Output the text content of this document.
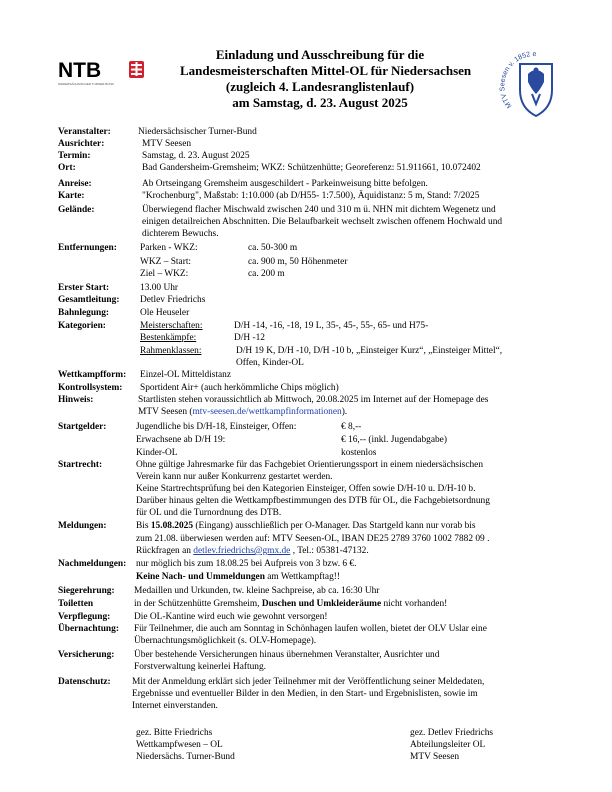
NTB
NIEDERSÄCHSISCHER TURNER-BUND
Einladung und Ausschreibung für die
Landesmeisterschaften Mittel-OL für Niedersachsen
(zugleich 4. Landesranglistenlauf)
am Samstag, d. 23. August 2025	MTV Seesen v. 1852 e
Veranstalter:	Niedersächsischer Turner-Bund
Ausrichter:	MTV Seesen
Termin:	Samstag, d. 23. August 2025
Ort:	Bad Gandersheim-Gremsheim; WKZ: Schützenhütte; Georeferenz: 51.911661, 10.072402
Anreise:	Ab Ortseingang Gremsheim ausgeschildert - Parkeinweisung bitte befolgen.
Karte:	"Krochenburg", Maßstab: 1:10.000 (ab D/H55- 1:7.500), Äquidistanz: 5 m, Stand: 7/2025
Gelände:	Überwiegend flacher Mischwald zwischen 240 und 310 m ü. NHN mit dichtem Wegenetz und
einigen detailreichen Abschnitten. Die Belaufbarkeit wechselt zwischen offenem Hochwald und
dichterem Bewuchs.
Entfernungen: Parken - WKZ:	ca. 50-300 m
WKZ – Start:	ca. 900 m, 50 Höhenmeter
Ziel – WKZ:	ca. 200 m
Erster Start:	13.00 Uhr
Gesamtleitung: Detlev Friedrichs
Bahnlegung:	Ole Heuseler
Kategorien:	Meisterschaften:	D/H -14, -16, -18, 19 L, 35-, 45-, 55-, 65- und H75-
Bestenkämpfe:	D/H -12
Rahmenklassen:	D/H 19 K, D/H -10, D/H -10 b, „Einsteiger Kurz“, „Einsteiger Mittel“,
Offen, Kinder-OL
Wettkampfform: Einzel-OL Mitteldistanz
Kontrollsystem: Sportident Air+ (auch herkömmliche Chips möglich)
Hinweis:	Startlisten stehen voraussichtlich ab Mittwoch, 20.08.2025 im Internet auf der Homepage des
MTV Seesen (mtv-seesen.de/wettkampfinformationen).
Startgelder:	Jugendliche bis D/H-18, Einsteiger, Offen:	€ 8,--
Erwachsene ab D/H 19:	€ 16,-- (inkl. Jugendabgabe)
Kinder-OL	kostenlos
Startrecht:	Ohne gültige Jahresmarke für das Fachgebiet Orientierungssport in einem niedersächsischen
Verein kann nur außer Konkurrenz gestartet werden.
Keine Startrechtsprüfung bei den Kategorien Einsteiger, Offen sowie D/H-10 u. D/H-10 b.
Darüber hinaus gelten die Wettkampfbestimmungen des DTB für OL, die Fachgebietsordnung
für OL und die Turnordnung des DTB.
Meldungen:	Bis 15.08.2025 (Eingang) ausschließlich per O-Manager. Das Startgeld kann nur vorab bis
zum 21.08. überwiesen werden auf: MTV Seesen-OL, IBAN DE25 2789 3760 1002 7882 09 .
Rückfragen an detlev.friedrichs@gmx.de , Tel.: 05381-47132.
Nachmeldungen: nur möglich bis zum 18.08.25 bei Aufpreis von 3 bzw. 6 €.
Keine Nach- und Ummeldungen am Wettkampftag!!
Siegerehrung: Medaillen und Urkunden, tw. kleine Sachpreise, ab ca. 16:30 Uhr
Toiletten	in der Schützenhütte Gremsheim, Duschen und Umkleideräume nicht vorhanden!
Verpflegung:	Die OL-Kantine wird euch wie gewohnt versorgen!
Übernachtung: Für Teilnehmer, die auch am Sonntag in Schönhagen laufen wollen, bietet der OLV Uslar eine
Übernachtungsmöglichkeit (s. OLV-Homepage).
Versicherung: Über bestehende Versicherungen hinaus übernehmen Veranstalter, Ausrichter und
Forstverwaltung keinerlei Haftung.
Datenschutz: Mit der Anmeldung erklärt sich jeder Teilnehmer mit der Veröffentlichung seiner Meldedaten,
Ergebnisse und eventueller Bilder in den Medien, in den Start- und Ergebnislisten, sowie im
Internet einverstanden.
gez. Bitte Friedrichs
Wettkampfwesen – OL
Niedersächs. Turner-Bund
gez. Detlev Friedrichs
Abteilungsleiter OL
MTV Seesen
